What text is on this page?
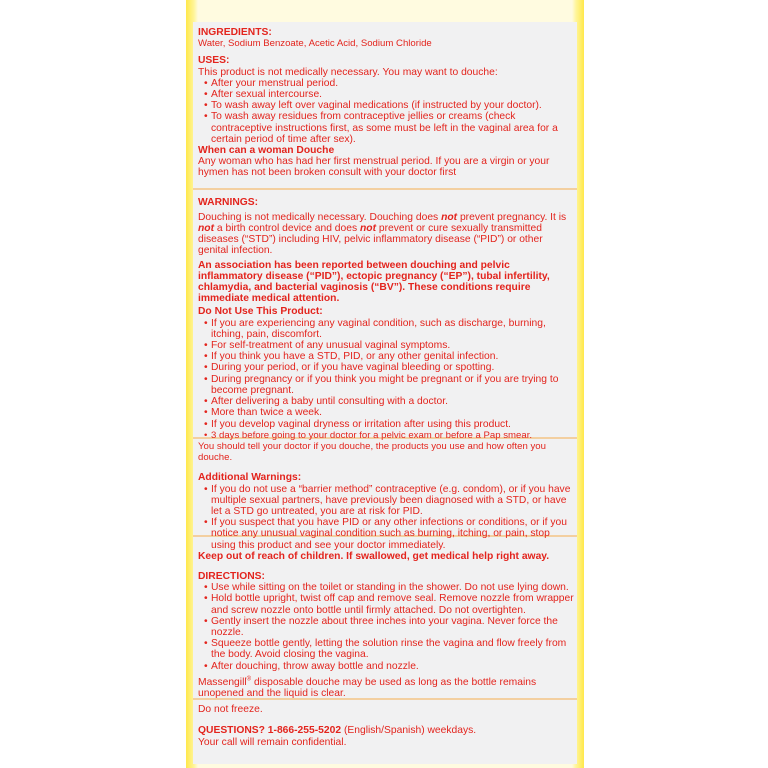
INGREDIENTS:
Water, Sodium Benzoate, Acetic Acid, Sodium Chloride
USES:
This product is not medically necessary. You may want to douche:
• After your menstrual period.
• After sexual intercourse.
• To wash away left over vaginal medications (if instructed by your doctor).
• To wash away residues from contraceptive jellies or creams (check contraceptive instructions first, as some must be left in the vaginal area for a certain period of time after sex).
When can a woman Douche
Any woman who has had her first menstrual period. If you are a virgin or your hymen has not been broken consult with your doctor first
WARNINGS:
Douching is not medically necessary. Douching does not prevent pregnancy. It is not a birth control device and does not prevent or cure sexually transmitted diseases (“STD”) including HIV, pelvic inflammatory disease (“PID”) or other genital infection.
An association has been reported between douching and pelvic inflammatory disease (“PID”), ectopic pregnancy (“EP”), tubal infertility, chlamydia, and bacterial vaginosis (“BV”). These conditions require immediate medical attention.
Do Not Use This Product:
• If you are experiencing any vaginal condition, such as discharge, burning, itching, pain, discomfort.
• For self-treatment of any unusual vaginal symptoms.
• If you think you have a STD, PID, or any other genital infection.
• During your period, or if you have vaginal bleeding or spotting.
• During pregnancy or if you think you might be pregnant or if you are trying to become pregnant.
• After delivering a baby until consulting with a doctor.
• More than twice a week.
• If you develop vaginal dryness or irritation after using this product.
• 3 days before going to your doctor for a pelvic exam or before a Pap smear.
You should tell your doctor if you douche, the products you use and how often you douche.
Additional Warnings:
• If you do not use a “barrier method” contraceptive (e.g. condom), or if you have multiple sexual partners, have previously been diagnosed with a STD, or have let a STD go untreated, you are at risk for PID.
• If you suspect that you have PID or any other infections or conditions, or if you notice any unusual vaginal condition such as burning, itching, or pain, stop using this product and see your doctor immediately.
Keep out of reach of children. If swallowed, get medical help right away.
DIRECTIONS:
• Use while sitting on the toilet or standing in the shower. Do not use lying down.
• Hold bottle upright, twist off cap and remove seal. Remove nozzle from wrapper and screw nozzle onto bottle until firmly attached. Do not overtighten.
• Gently insert the nozzle about three inches into your vagina. Never force the nozzle.
• Squeeze bottle gently, letting the solution rinse the vagina and flow freely from the body. Avoid closing the vagina.
• After douching, throw away bottle and nozzle.
Massengill® disposable douche may be used as long as the bottle remains unopened and the liquid is clear.
Do not freeze.
QUESTIONS? 1-866-255-5202 (English/Spanish) weekdays.
Your call will remain confidential.
